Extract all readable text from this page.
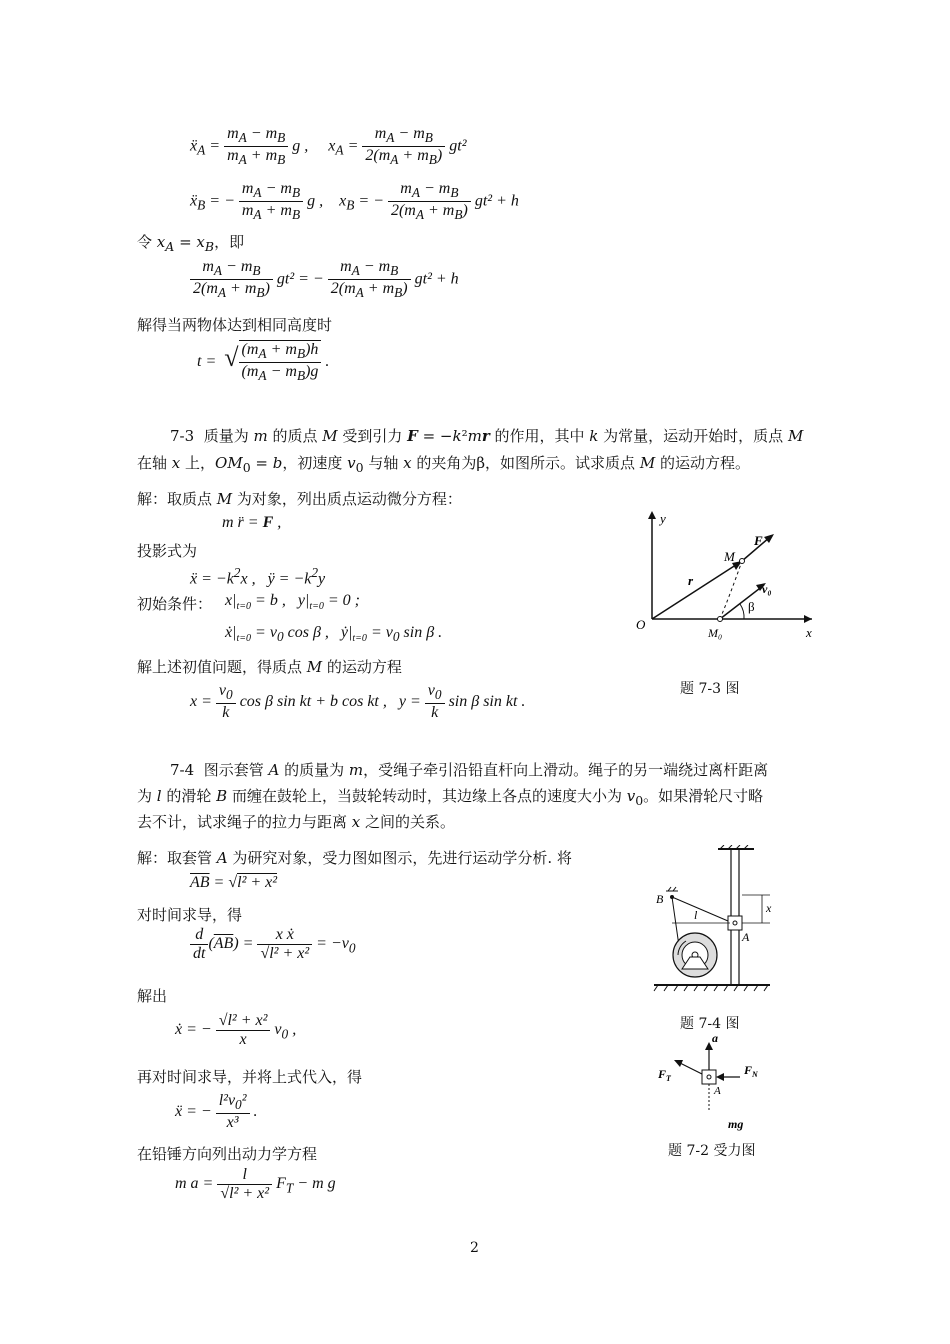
ẍ$_A$ = $\frac{m_A - m_B}{m_A + m_B}$ g ,     $x_A = \frac{m_A - m_B}{2(m_A + m_B)} gt^2$
ẍ$_B$ = − $\frac{m_A - m_B}{m_A + m_B}$ g ,    $x_B$ = − $\frac{m_A - m_B}{2(m_A + m_B)} gt^2 + h$
令 $x_A = x_B$，即
$\frac{m_A - m_B}{2(m_A + m_B)} gt^2$ = − $\frac{m_A - m_B}{2(m_A + m_B)} gt^2 + h$
解得当两物体达到相同高度时
t =  √ $\frac{(m_A + m_B)h}{(m_A - m_B)g}$ .
7-3  质量为 m 的质点 M 受到引力 F = −k²mr 的作用，其中 k 为常量，运动开始时，质点 M
在轴 x 上，$OM_0 = b$，初速度 $v_0$ 与轴 x 的夹角为β，如图所示。试求质点 M 的运动方程。
解：取质点 M 为对象，列出质点运动微分方程：
m r̈ = F ,
投影式为
ẍ = $-k^2x$ ,   ÿ = $-k^2y$
初始条件： $x|_{t=0} = b$ ,   $y|_{t=0} = 0$ ;
$ẋ|_{t=0} = v_0$ cos β ,   $ẏ|_{t=0} = v_0$ sin β .
解上述初值问题，得质点 M 的运动方程
$x = \frac{v_0}{k}$ cos β sin kt + b cos kt ,   $y = \frac{v_0}{k}$ sin β sin kt .
y
x
O
M
F
r
v₀
β
M₀
题 7-3 图
7-4  图示套管 A 的质量为 m，受绳子牵引沿铅直杆向上滑动。绳子的另一端绕过离杆距离
为 l 的滑轮 B 而缠在鼓轮上，当鼓轮转动时，其边缘上各点的速度大小为 $v_0$。如果滑轮尺寸略
去不计，试求绳子的拉力与距离 x 之间的关系。
解：取套管 A 为研究对象，受力图如图示，先进行运动学分析. 将
$\overline{AB} = √l^2 + x^2$
对时间求导，得
$\frac{d}{dt} (\overline{AB}) = \frac{\text{x ẋ}}{\text{√l² + x²}} = -v_0$
解出
ẋ = − $\frac{\text{√l² + x²}}{x} v_0$ ,
再对时间求导，并将上式代入，得
ẍ = − $\frac{l^2v_0^2}{\text{x³}}$ .
在铅锤方向列出动力学方程
m $a = \frac{l}{\text{√l² + x²}} F_T - m$ g
B
l	x
A
题 7-4 图
a
$F_T$
$F_N$
A
mg
题 7-2 受力图
2
